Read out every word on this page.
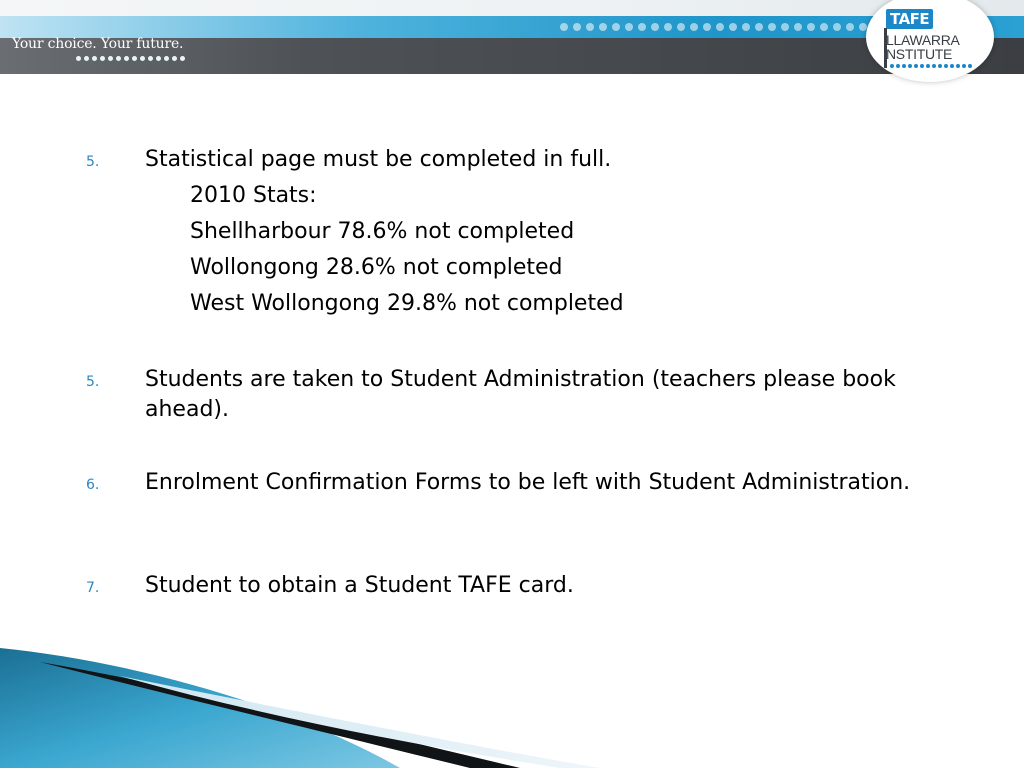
Your choice. Your future.
TAFE
LLAWARRA
NSTITUTE
5. Statistical page must be completed in full.
2010 Stats:
Shellharbour 78.6% not completed
Wollongong 28.6% not completed
West Wollongong 29.8% not completed
5. Students are taken to Student Administration (teachers please book ahead).
6. Enrolment Confirmation Forms to be left with Student Administration.
7. Student to obtain a Student TAFE card.
